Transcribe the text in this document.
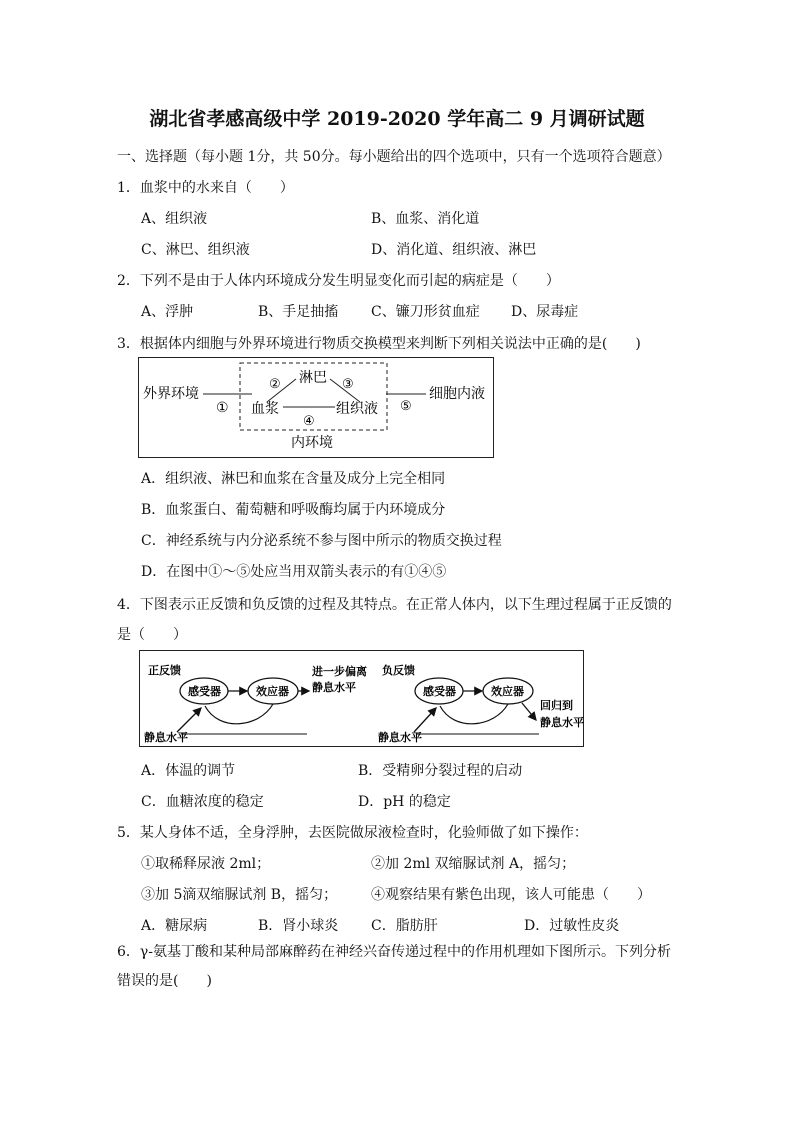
湖北省孝感高级中学 2019-2020 学年高二 9 月调研试题
一、选择题（每小题 1分，共 50分。每小题给出的四个选项中，只有一个选项符合题意）
1．血浆中的水来自（　　）
A、组织液	B、血浆、消化道
C、淋巴、组织液	D、消化道、组织液、淋巴
2．下列不是由于人体内环境成分发生明显变化而引起的病症是（　　）
A、浮肿	B、手足抽搐 C、镰刀形贫血症 D、尿毒症
3．根据体内细胞与外界环境进行物质交换模型来判断下列相关说法中正确的是(　　)
外界环境
①
淋巴
②	③
血浆
④
组织液 ⑤
细胞内液
内环境
A．组织液、淋巴和血浆在含量及成分上完全相同
B．血浆蛋白、葡萄糖和呼吸酶均属于内环境成分
C．神经系统与内分泌系统不参与图中所示的物质交换过程
D．在图中①～⑤处应当用双箭头表示的有①④⑤
4．下图表示正反馈和负反馈的过程及其特点。在正常人体内，以下生理过程属于正反馈的
是（　　）
正反馈
感受器	效应器
进一步偏离
静息水平
静息水平
负反馈
感受器	效应器
回归到
静息水平
静息水平
A．体温的调节	B．受精卵分裂过程的启动
C．血糖浓度的稳定	D．pH 的稳定
5．某人身体不适，全身浮肿，去医院做尿液检查时，化验师做了如下操作：
①取稀释尿液 2ml；	②加 2ml 双缩脲试剂 A，摇匀；
③加 5滴双缩脲试剂 B，摇匀； ④观察结果有紫色出现，该人可能患（　　）
A．糖尿病	B．肾小球炎 C．脂肪肝	D．过敏性皮炎
6．γ-氨基丁酸和某种局部麻醉药在神经兴奋传递过程中的作用机理如下图所示。下列分析
错误的是(　　)
